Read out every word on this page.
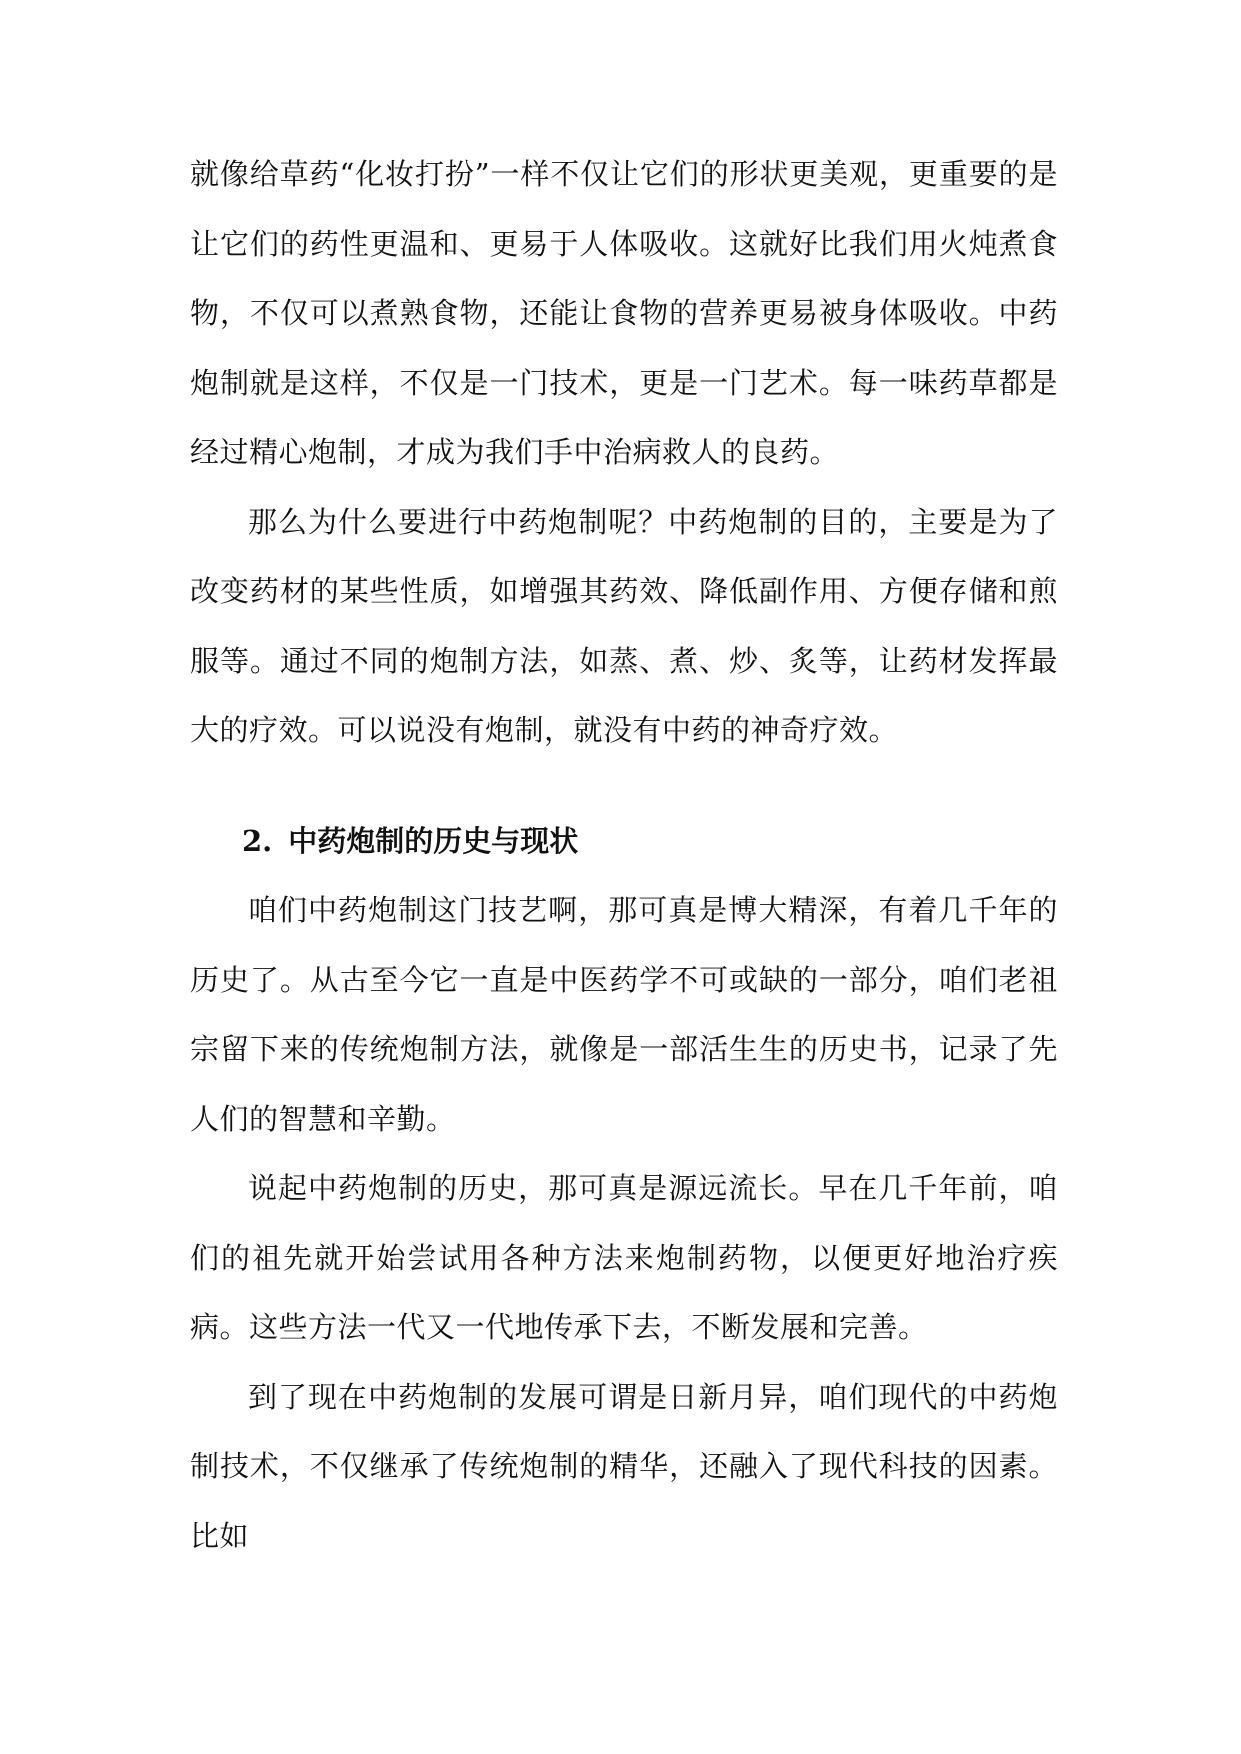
就像给草药“化妆打扮”一样不仅让它们的形状更美观，更重要的是让它们的药性更温和、更易于人体吸收。这就好比我们用火炖煮食物，不仅可以煮熟食物，还能让食物的营养更易被身体吸收。中药炮制就是这样，不仅是一门技术，更是一门艺术。每一味药草都是经过精心炮制，才成为我们手中治病救人的良药。

那么为什么要进行中药炮制呢？中药炮制的目的，主要是为了改变药材的某些性质，如增强其药效、降低副作用、方便存储和煎服等。通过不同的炮制方法，如蒸、煮、炒、炙等，让药材发挥最大的疗效。可以说没有炮制，就没有中药的神奇疗效。

2. 中药炮制的历史与现状

咱们中药炮制这门技艺啊，那可真是博大精深，有着几千年的历史了。从古至今它一直是中医药学不可或缺的一部分，咱们老祖宗留下来的传统炮制方法，就像是一部活生生的历史书，记录了先人们的智慧和辛勤。

说起中药炮制的历史，那可真是源远流长。早在几千年前，咱们的祖先就开始尝试用各种方法来炮制药物，以便更好地治疗疾病。这些方法一代又一代地传承下去，不断发展和完善。

到了现在中药炮制的发展可谓是日新月异，咱们现代的中药炮制技术，不仅继承了传统炮制的精华，还融入了现代科技的因素。比如
